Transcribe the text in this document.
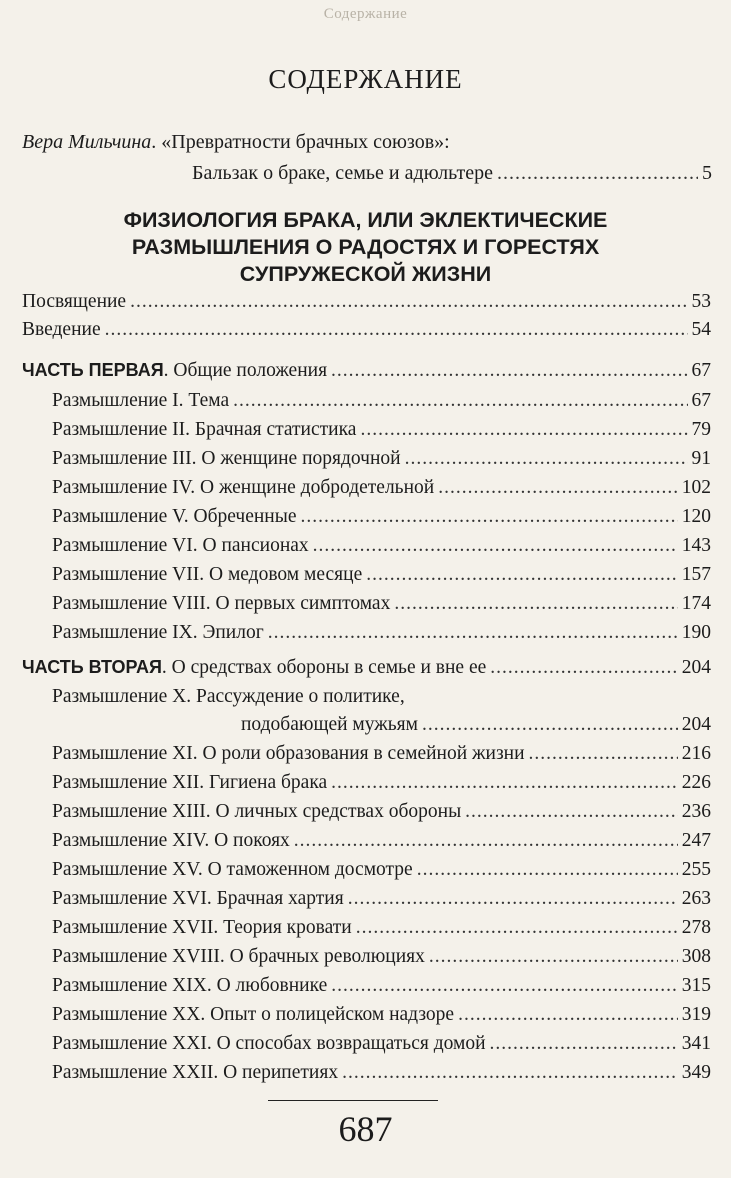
Содержание
СОДЕРЖАНИЕ
Вера Мильчина. «Превратности брачных союзов»:
Бальзак о браке, семье и адюльтере .....	5
ФИЗИОЛОГИЯ БРАКА, ИЛИ ЭКЛЕКТИЧЕСКИЕ
РАЗМЫШЛЕНИЯ О РАДОСТЯХ И ГОРЕСТЯХ
СУПРУЖЕСКОЙ ЖИЗНИ
Посвящение .....	53
Введение .....	54
ЧАСТЬ ПЕРВАЯ. Общие положения .....	67
Размышление I. Тема .....	67
Размышление II. Брачная статистика .....	79
Размышление III. О женщине порядочной .....	91
Размышление IV. О женщине добродетельной .....	102
Размышление V. Обреченные .....	120
Размышление VI. О пансионах .....	143
Размышление VII. О медовом месяце .....	157
Размышление VIII. О первых симптомах .....	174
Размышление IX. Эпилог .....	190
ЧАСТЬ ВТОРАЯ. О средствах обороны в семье и вне ее .....	204
Размышление X. Рассуждение о политике,
подобающей мужьям .....	204
Размышление XI. О роли образования в семейной жизни .....	216
Размышление XII. Гигиена брака .....	226
Размышление XIII. О личных средствах обороны .....	236
Размышление XIV. О покоях .....	247
Размышление XV. О таможенном досмотре .....	255
Размышление XVI. Брачная хартия .....	263
Размышление XVII. Теория кровати .....	278
Размышление XVIII. О брачных революциях .....	308
Размышление XIX. О любовнике .....	315
Размышление XX. Опыт о полицейском надзоре .....	319
Размышление XXI. О способах возвращаться домой .....	341
Размышление XXII. О перипетиях .....	349
687
